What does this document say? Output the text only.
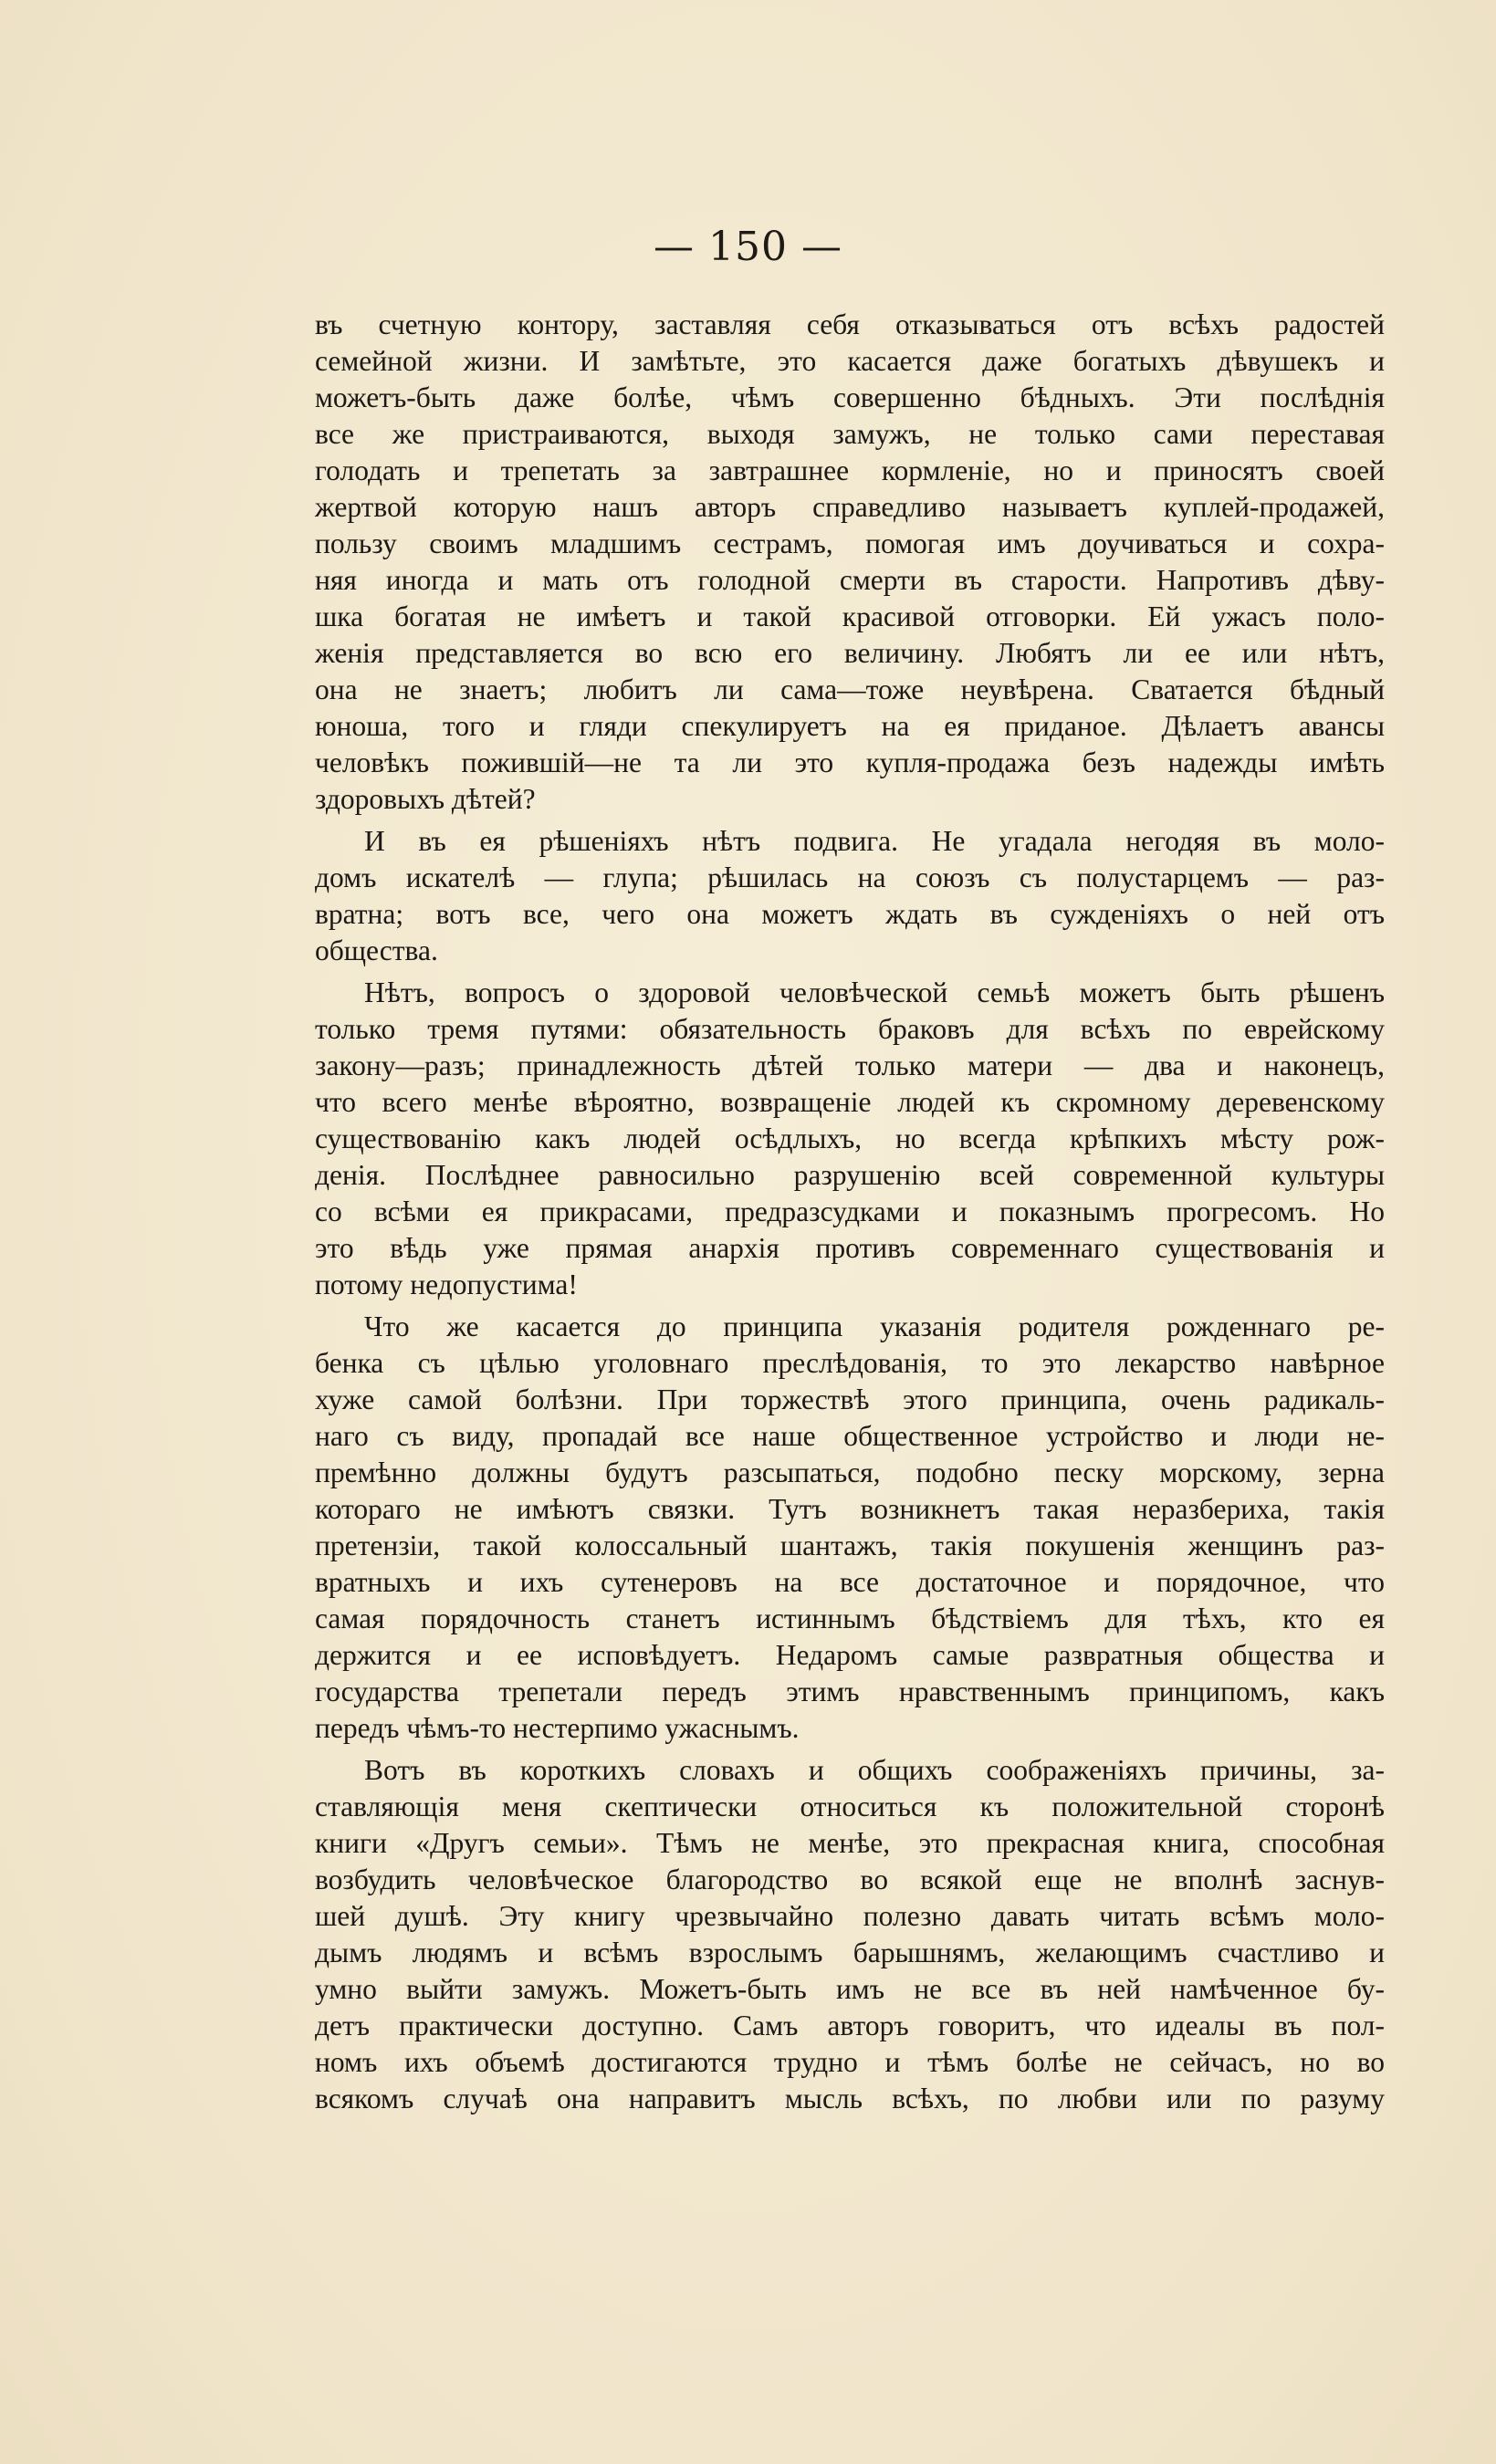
— 150 —
въ счетную контору, заставляя себя отказываться отъ всѣхъ радостей
семейной жизни. И замѣтьте, это касается даже богатыхъ дѣвушекъ и
можетъ-быть даже болѣе, чѣмъ совершенно бѣдныхъ. Эти послѣднія
все же пристраиваются, выходя замужъ, не только сами переставая
голодать и трепетать за завтрашнее кормленіе, но и приносятъ своей
жертвой которую нашъ авторъ справедливо называетъ куплей-продажей,
пользу своимъ младшимъ сестрамъ, помогая имъ доучиваться и сохра-
няя иногда и мать отъ голодной смерти въ старости. Напротивъ дѣву-
шка богатая не имѣетъ и такой красивой отговорки. Ей ужасъ поло-
женія представляется во всю его величину. Любятъ ли ее или нѣтъ,
она не знаетъ; любитъ ли сама—тоже неувѣрена. Сватается бѣдный
юноша, того и гляди спекулируетъ на ея приданое. Дѣлаетъ авансы
человѣкъ пожившій—не та ли это купля-продажа безъ надежды имѣть
здоровыхъ дѣтей?
И въ ея рѣшеніяхъ нѣтъ подвига. Не угадала негодяя въ моло-
домъ искателѣ — глупа; рѣшилась на союзъ съ полустарцемъ — раз-
вратна; вотъ все, чего она можетъ ждать въ сужденіяхъ о ней отъ
общества.
Нѣтъ, вопросъ о здоровой человѣческой семьѣ можетъ быть рѣшенъ
только тремя путями: обязательность браковъ для всѣхъ по еврейскому
закону—разъ; принадлежность дѣтей только матери — два и наконецъ,
что всего менѣе вѣроятно, возвращеніе людей къ скромному деревенскому
существованію какъ людей осѣдлыхъ, но всегда крѣпкихъ мѣсту рож-
денія. Послѣднее равносильно разрушенію всей современной культуры
со всѣми ея прикрасами, предразсудками и показнымъ прогресомъ. Но
это вѣдь уже прямая анархія противъ современнаго существованія и
потому недопустима!
Что же касается до принципа указанія родителя рожденнаго ре-
бенка съ цѣлью уголовнаго преслѣдованія, то это лекарство навѣрное
хуже самой болѣзни. При торжествѣ этого принципа, очень радикаль-
наго съ виду, пропадай все наше общественное устройство и люди не-
премѣнно должны будутъ разсыпаться, подобно песку морскому, зерна
котораго не имѣютъ связки. Тутъ возникнетъ такая неразбериха, такія
претензіи, такой колоссальный шантажъ, такія покушенія женщинъ раз-
вратныхъ и ихъ сутенеровъ на все достаточное и порядочное, что
самая порядочность станетъ истиннымъ бѣдствіемъ для тѣхъ, кто ея
держится и ее исповѣдуетъ. Недаромъ самые развратныя общества и
государства трепетали передъ этимъ нравственнымъ принципомъ, какъ
передъ чѣмъ-то нестерпимо ужаснымъ.
Вотъ въ короткихъ словахъ и общихъ соображеніяхъ причины, за-
ставляющія меня скептически относиться къ положительной сторонѣ
книги «Другъ семьи». Тѣмъ не менѣе, это прекрасная книга, способная
возбудить человѣческое благородство во всякой еще не вполнѣ заснув-
шей душѣ. Эту книгу чрезвычайно полезно давать читать всѣмъ моло-
дымъ людямъ и всѣмъ взрослымъ барышнямъ, желающимъ счастливо и
умно выйти замужъ. Можетъ-быть имъ не все въ ней намѣченное бу-
детъ практически доступно. Самъ авторъ говоритъ, что идеалы въ пол-
номъ ихъ объемѣ достигаются трудно и тѣмъ болѣе не сейчасъ, но во
всякомъ случаѣ она направитъ мысль всѣхъ, по любви или по разуму
